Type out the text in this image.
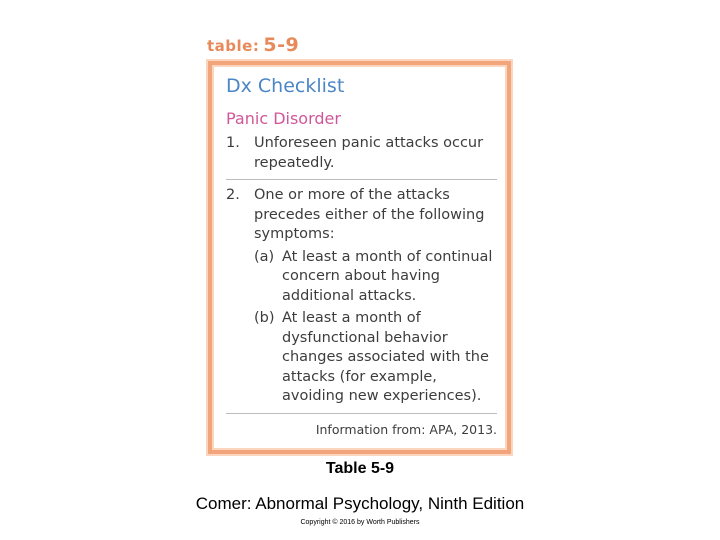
table: 5-9
Dx Checklist
Panic Disorder
1. Unforeseen panic attacks occur repeatedly.
2. One or more of the attacks precedes either of the following symptoms:
(a) At least a month of continual concern about having additional attacks.
(b) At least a month of dysfunctional behavior changes associated with the attacks (for example, avoiding new experiences).
Information from: APA, 2013.
Table 5-9
Comer: Abnormal Psychology, Ninth Edition
Copyright © 2016 by Worth Publishers
